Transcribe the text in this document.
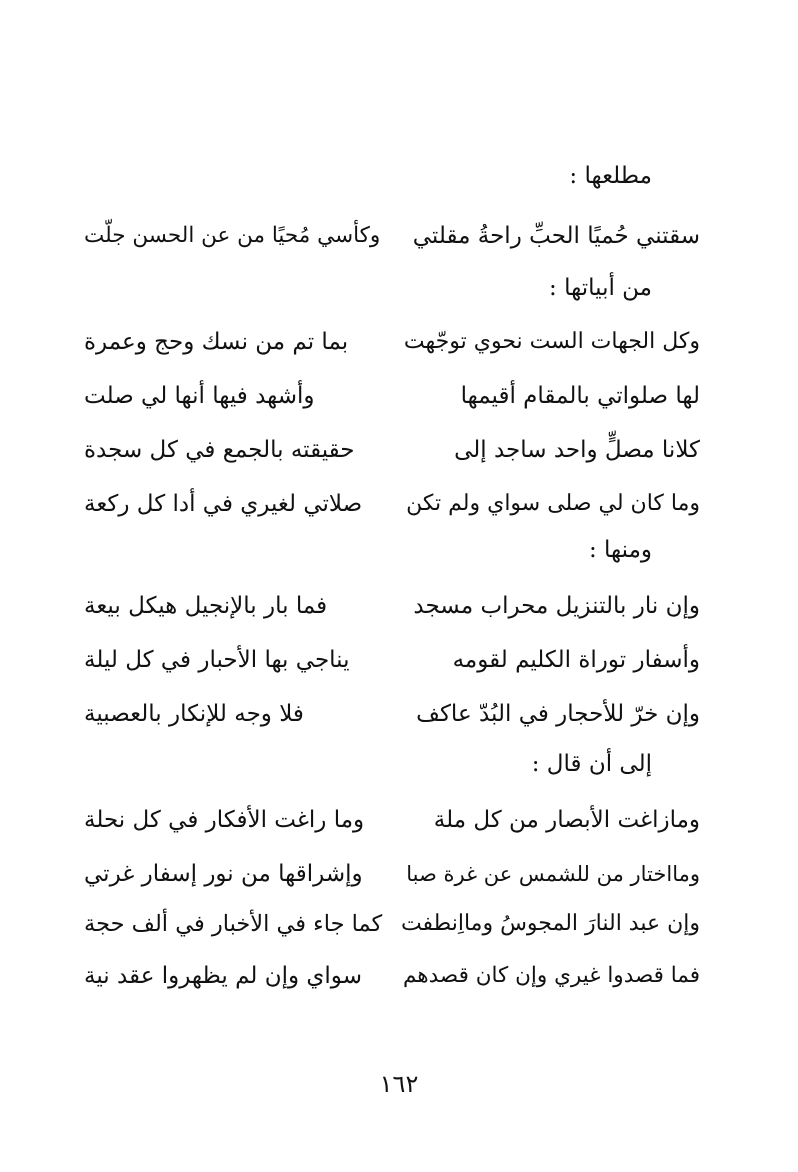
مطلعها :
سقتني حُميًا الحبِّ راحةُ مقلتي
وكأسي مُحيًا من عن الحسن جلّت
من أبياتها :
وكل الجهات الست نحوي توجّهت
بما تم من نسك وحج وعمرة
لها صلواتي بالمقام أقيمها
وأشهد فيها أنها لي صلت
كلانا مصلٍّ واحد ساجد إلى
حقيقته بالجمع في كل سجدة
وما كان لي صلى سواي ولم تكن
صلاتي لغيري في أدا كل ركعة
ومنها :
وإن نار بالتنزيل محراب مسجد
فما بار بالإنجيل هيكل بيعة
وأسفار توراة الكليم لقومه
يناجي بها الأحبار في كل ليلة
وإن خرّ للأحجار في البُدّ عاكف
فلا وجه للإنكار بالعصبية
إلى أن قال :
ومازاغت الأبصار من كل ملة
وما راغت الأفكار في كل نحلة
ومااختار من للشمس عن غرة صبا
وإشراقها من نور إسفار غرتي
وإن عبد النارَ المجوسُ ومااِنطفت
كما جاء في الأخبار في ألف حجة
فما قصدوا غيري وإن كان قصدهم
سواي وإن لم يظهروا عقد نية
١٦٢
